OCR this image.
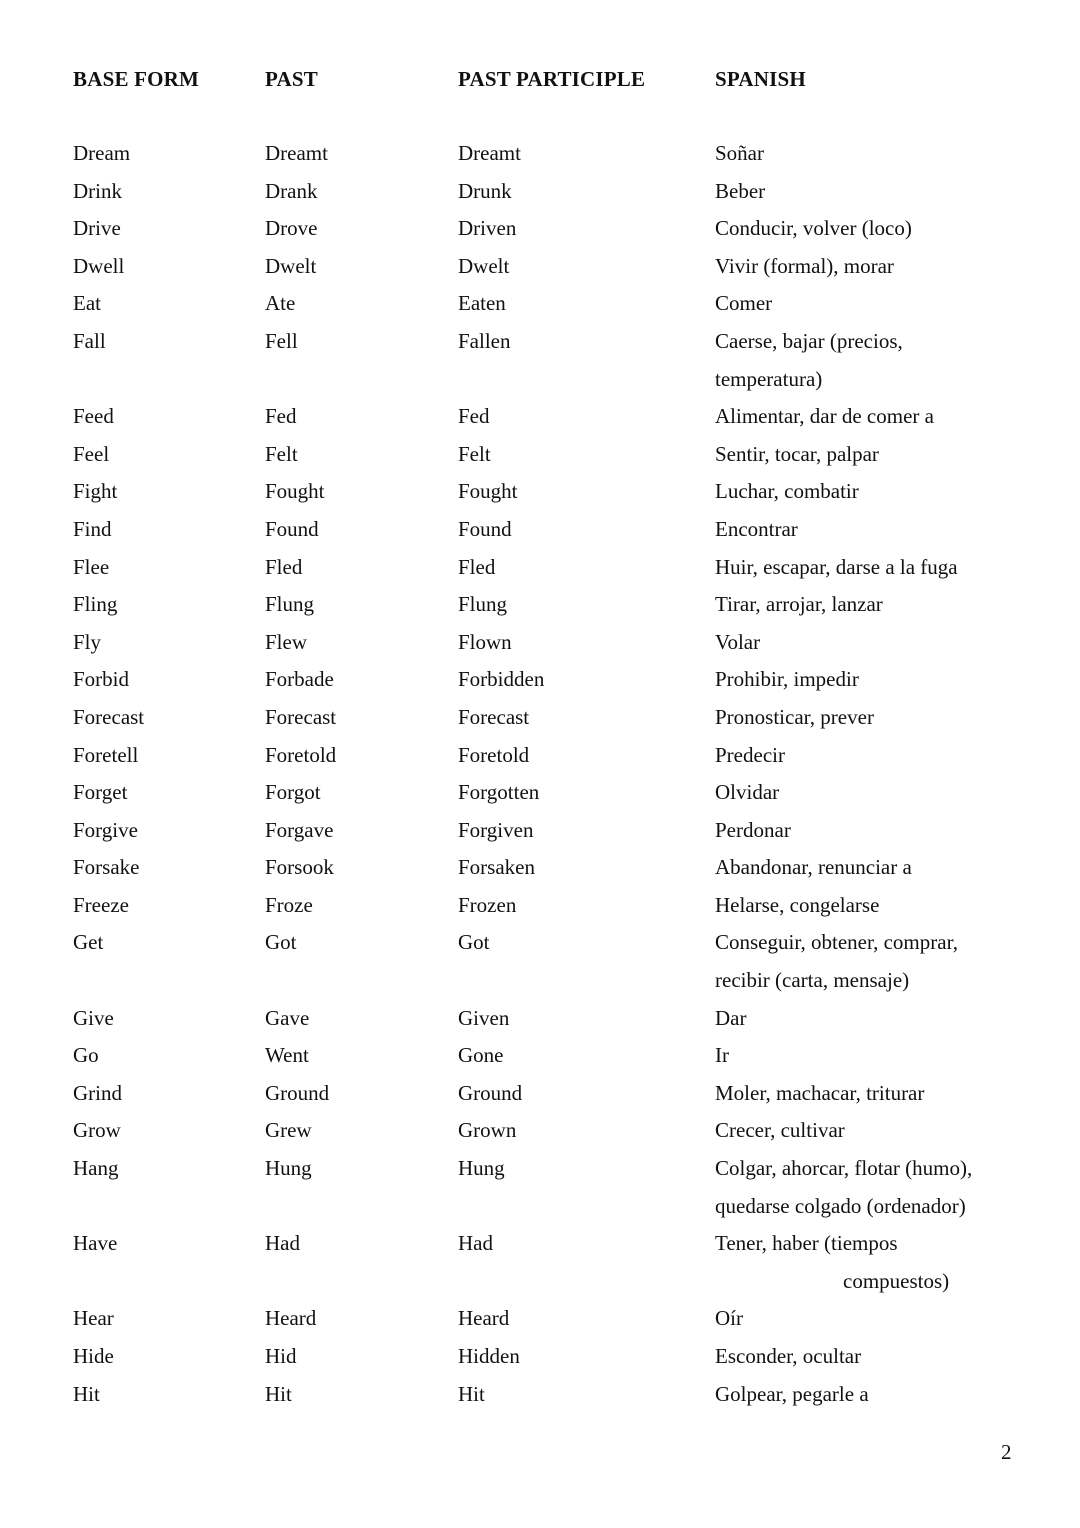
BASE FORM	PAST	PAST PARTICIPLE	SPANISH
Dream	Dreamt	Dreamt	Soñar
Drink	Drank	Drunk	Beber
Drive	Drove	Driven	Conducir, volver (loco)
Dwell	Dwelt	Dwelt	Vivir (formal), morar
Eat	Ate	Eaten	Comer
Fall	Fell	Fallen	Caerse, bajar (precios,
temperatura)
Feed	Fed	Fed	Alimentar, dar de comer a
Feel	Felt	Felt	Sentir, tocar, palpar
Fight	Fought	Fought	Luchar, combatir
Find	Found	Found	Encontrar
Flee	Fled	Fled	Huir, escapar, darse a la fuga
Fling	Flung	Flung	Tirar, arrojar, lanzar
Fly	Flew	Flown	Volar
Forbid	Forbade	Forbidden	Prohibir, impedir
Forecast	Forecast	Forecast	Pronosticar, prever
Foretell	Foretold	Foretold	Predecir
Forget	Forgot	Forgotten	Olvidar
Forgive	Forgave	Forgiven	Perdonar
Forsake	Forsook	Forsaken	Abandonar, renunciar a
Freeze	Froze	Frozen	Helarse, congelarse
Get	Got	Got	Conseguir, obtener, comprar,
recibir (carta, mensaje)
Give	Gave	Given	Dar
Go	Went	Gone	Ir
Grind	Ground	Ground	Moler, machacar, triturar
Grow	Grew	Grown	Crecer, cultivar
Hang	Hung	Hung	Colgar, ahorcar, flotar (humo),
quedarse colgado (ordenador)
Have	Had	Had	Tener, haber (tiempos
compuestos)
Hear	Heard	Heard	Oír
Hide	Hid	Hidden	Esconder, ocultar
Hit	Hit	Hit	Golpear, pegarle a
2
